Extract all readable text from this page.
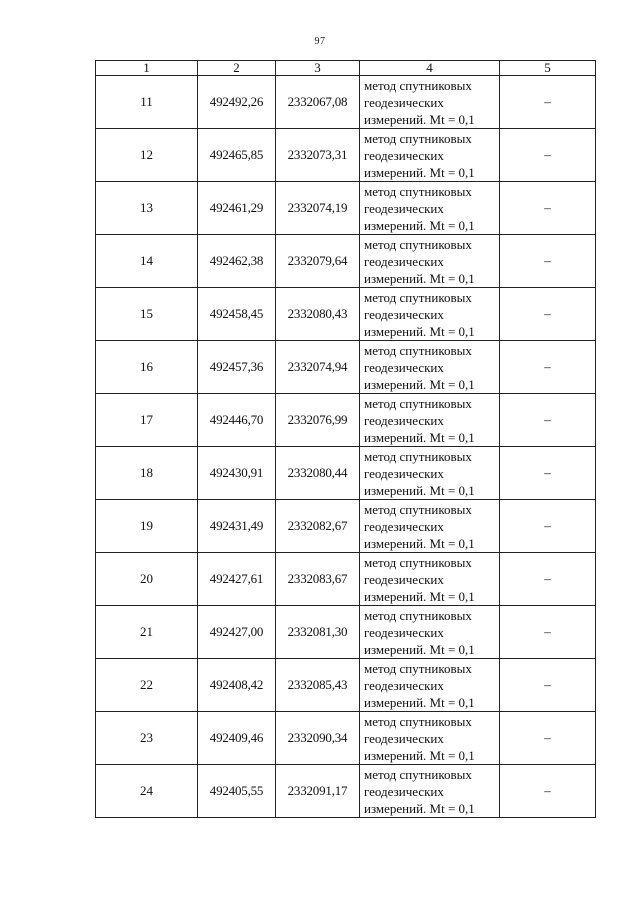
97
1	2	3	4	5
11	492492,26	2332067,08	метод спутниковых
геодезических
измерений. Mt = 0,1	–
12	492465,85	2332073,31	метод спутниковых
геодезических
измерений. Mt = 0,1	–
13	492461,29	2332074,19	метод спутниковых
геодезических
измерений. Mt = 0,1	–
14	492462,38	2332079,64	метод спутниковых
геодезических
измерений. Mt = 0,1	–
15	492458,45	2332080,43	метод спутниковых
геодезических
измерений. Mt = 0,1	–
16	492457,36	2332074,94	метод спутниковых
геодезических
измерений. Mt = 0,1	–
17	492446,70	2332076,99	метод спутниковых
геодезических
измерений. Mt = 0,1	–
18	492430,91	2332080,44	метод спутниковых
геодезических
измерений. Mt = 0,1	–
19	492431,49	2332082,67	метод спутниковых
геодезических
измерений. Mt = 0,1	–
20	492427,61	2332083,67	метод спутниковых
геодезических
измерений. Mt = 0,1	–
21	492427,00	2332081,30	метод спутниковых
геодезических
измерений. Mt = 0,1	–
22	492408,42	2332085,43	метод спутниковых
геодезических
измерений. Mt = 0,1	–
23	492409,46	2332090,34	метод спутниковых
геодезических
измерений. Mt = 0,1	–
24	492405,55	2332091,17	метод спутниковых
геодезических
измерений. Mt = 0,1	–
